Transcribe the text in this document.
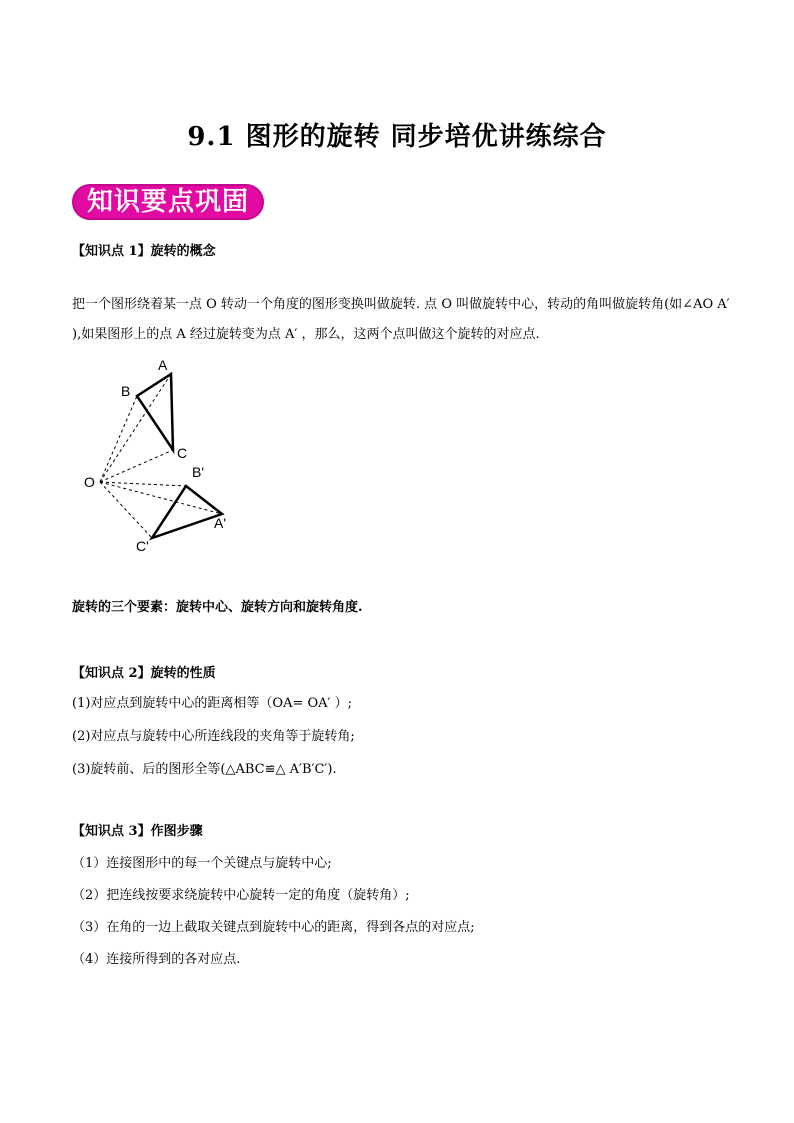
9.1 图形的旋转 同步培优讲练综合
知识要点巩固
【知识点 1】旋转的概念
把一个图形绕着某一点 O 转动一个角度的图形变换叫做旋转. 点 O 叫做旋转中心，转动的角叫做旋转角(如∠AO A′ ),如果图形上的点 A 经过旋转变为点 A′ ，那么，这两个点叫做这个旋转的对应点.
A
B
C
O
B'
A'
C'
旋转的三个要素：旋转中心、旋转方向和旋转角度.
【知识点 2】旋转的性质
(1)对应点到旋转中心的距离相等（OA= OA′ ）;
(2)对应点与旋转中心所连线段的夹角等于旋转角;
(3)旋转前、后的图形全等(△ABC≌△ A′B′C′).
【知识点 3】作图步骤
（1）连接图形中的每一个关键点与旋转中心;
（2）把连线按要求绕旋转中心旋转一定的角度（旋转角）;
（3）在角的一边上截取关键点到旋转中心的距离，得到各点的对应点;
（4）连接所得到的各对应点.
